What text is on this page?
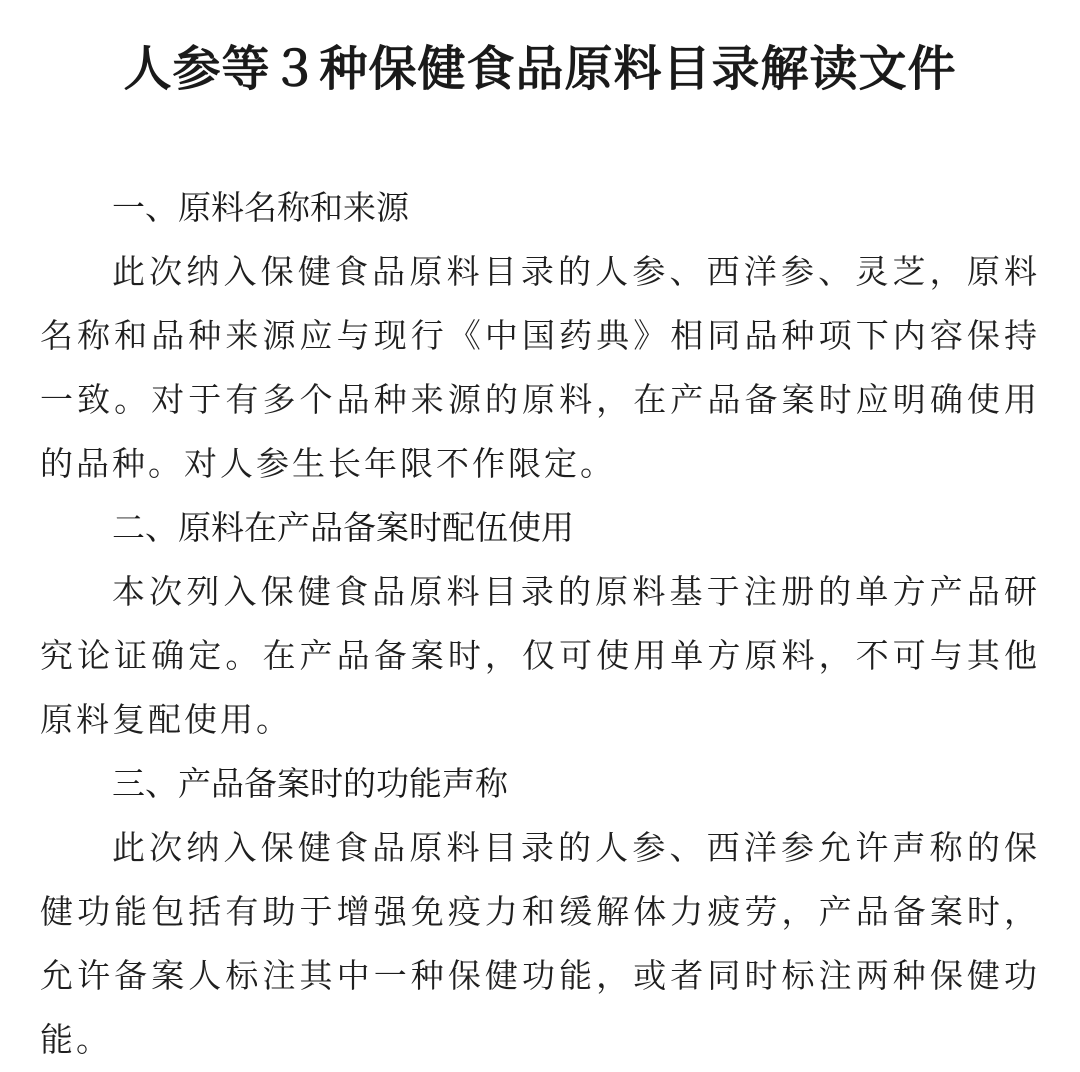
人参等３种保健食品原料目录解读文件
一、原料名称和来源

此次纳入保健食品原料目录的人参、西洋参、灵芝，原料名称和品种来源应与现行《中国药典》相同品种项下内容保持一致。对于有多个品种来源的原料，在产品备案时应明确使用的品种。对人参生长年限不作限定。

二、原料在产品备案时配伍使用

本次列入保健食品原料目录的原料基于注册的单方产品研究论证确定。在产品备案时，仅可使用单方原料，不可与其他原料复配使用。

三、产品备案时的功能声称

此次纳入保健食品原料目录的人参、西洋参允许声称的保健功能包括有助于增强免疫力和缓解体力疲劳，产品备案时，允许备案人标注其中一种保健功能，或者同时标注两种保健功能。
